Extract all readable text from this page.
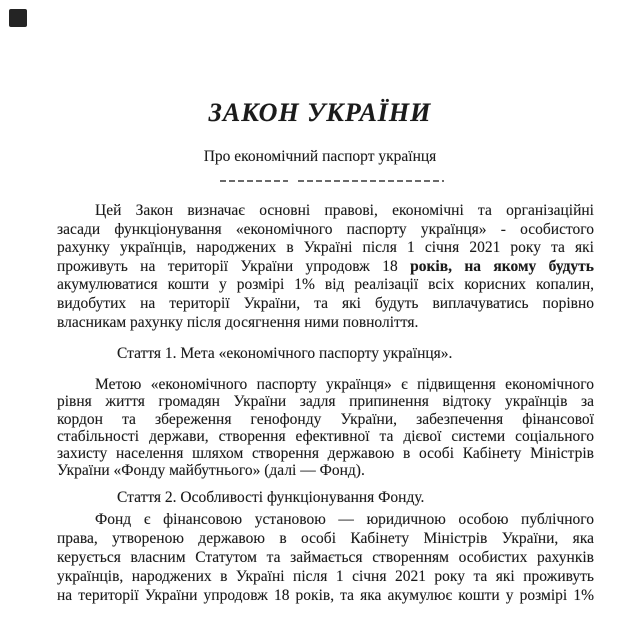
ЗАКОН УКРАЇНИ
Про економічний паспорт українця
Цей Закон визначає основні правові, економічні та організаційні
засади функціонування «економічного паспорту українця» - особистого
рахунку українців, народжених в Україні після 1 січня 2021 року та які
проживуть на території України упродовж 18 років, на якому будуть
акумулюватися кошти у розмірі 1% від реалізації всіх корисних копалин,
видобутих на території України, та які будуть виплачуватись порівно
власникам рахунку після досягнення ними повноліття.
Стаття 1. Мета «економічного паспорту українця».
Метою «економічного паспорту українця» є підвищення економічного
рівня життя громадян України задля припинення відтоку українців за
кордон та збереження генофонду України, забезпечення фінансової
стабільності держави, створення ефективної та дієвої системи соціального
захисту населення шляхом створення державою в особі Кабінету Міністрів
України «Фонду майбутнього» (далі — Фонд).
Стаття 2. Особливості функціонування Фонду.
Фонд є фінансовою установою — юридичною особою публічного
права, утвореною державою в особі Кабінету Міністрів України, яка
керується власним Статутом та займається створенням особистих рахунків
українців, народжених в Україні після 1 січня 2021 року та які проживуть
на території України упродовж 18 років, та яка акумулює кошти у розмірі 1%
